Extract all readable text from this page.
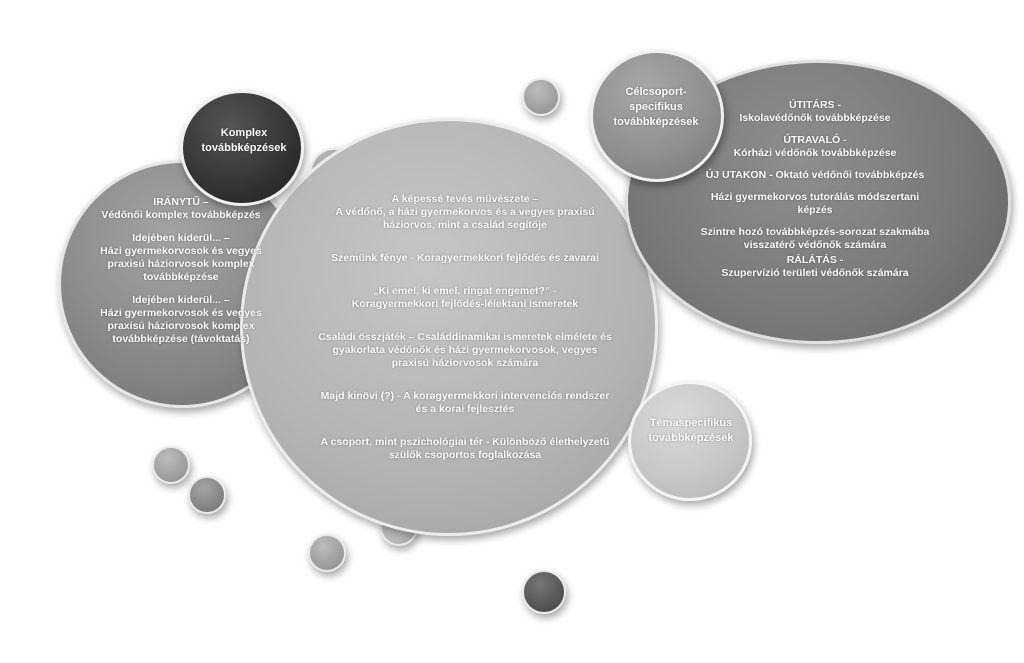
Komplex
továbbképzések
Célcsoport-
specifikus
továbbképzések
Témaspecifikus
továbbképzések
IRÁNYTŰ –
Védőnői komplex továbbképzés
Idejében kiderül... –
Házi gyermekorvosok és vegyes
praxisú háziorvosok komplex
továbbképzése
Idejében kiderül... –
Házi gyermekorvosok és vegyes
praxisú háziorvosok komplex
továbbképzése (távoktatás)
A képessé tevés művészete –
A védőnő, a házi gyermekorvos és a vegyes praxisú
háziorvos, mint a család segítője
Szemünk fénye - Koragyermekkori fejlődés és zavarai
„Ki emel, ki emel, ringat engemet?” -
Koragyermekkori fejlődés-lélektani ismeretek
Családi összjáték – Családdinamikai ismeretek elmélete és
gyakorlata védőnők és házi gyermekorvosok, vegyes
praxisú háziorvosok számára
Majd kinövi (?) - A koragyermekkori intervenciós rendszer
és a korai fejlesztés
A csoport, mint pszichológiai tér - Különböző élethelyzetű
szülők csoportos foglalkozása
ÚTITÁRS -
Iskolavédőnők továbbképzése
ÚTRAVALÓ -
Kórházi védőnők továbbképzése
ÚJ UTAKON - Oktató védőnői továbbképzés
Házi gyermekorvos tutorálás módszertani
képzés
Szintre hozó továbbképzés-sorozat szakmába
visszatérő védőnők számára
RÁLÁTÁS -
Szupervízió területi védőnők számára
